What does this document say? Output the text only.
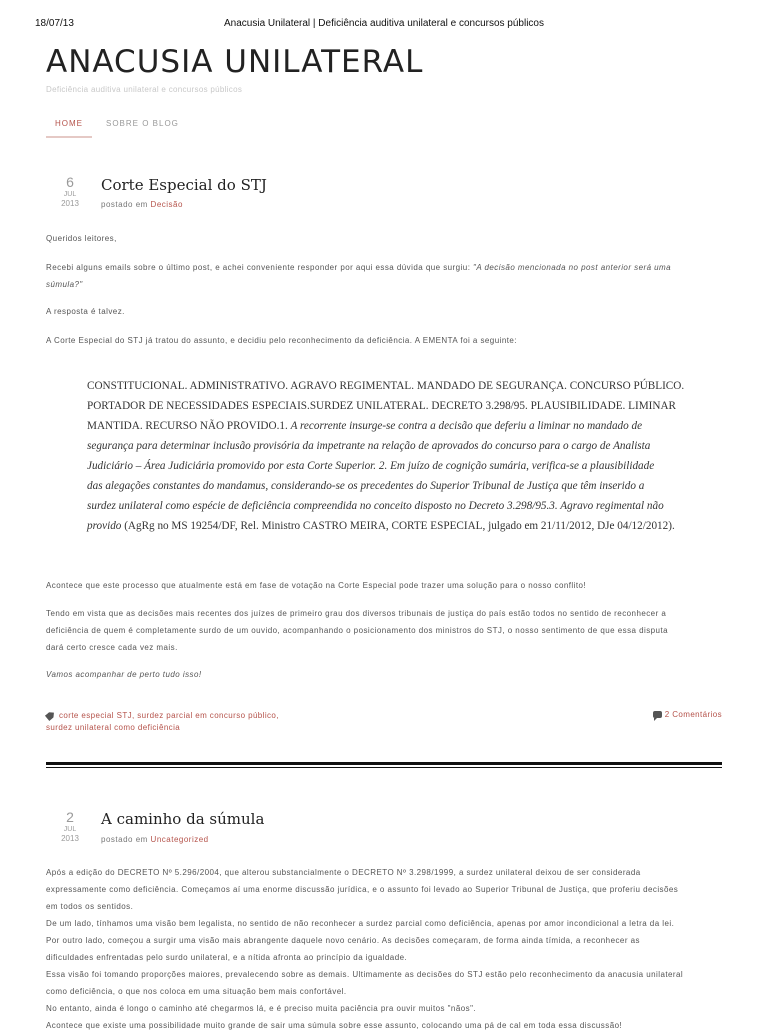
18/07/13	Anacusia Unilateral | Deficiência auditiva unilateral e concursos públicos
ANACUSIA UNILATERAL
Deficiência auditiva unilateral e concursos públicos
HOME	SOBRE O BLOG
6
JUL
2013
Corte Especial do STJ
postado em Decisão

Queridos leitores,

Recebi alguns emails sobre o último post, e achei conveniente responder por aqui essa dúvida que surgiu: "A decisão mencionada no post anterior será uma
súmula?"

A resposta é talvez.

A Corte Especial do STJ já tratou do assunto, e decidiu pelo reconhecimento da deficiência. A EMENTA foi a seguinte:

CONSTITUCIONAL. ADMINISTRATIVO. AGRAVO REGIMENTAL. MANDADO DE SEGURANÇA. CONCURSO PÚBLICO.
PORTADOR DE NECESSIDADES ESPECIAIS.SURDEZ UNILATERAL. DECRETO 3.298/95. PLAUSIBILIDADE. LIMINAR
MANTIDA. RECURSO NÃO PROVIDO.1. A recorrente insurge-se contra a decisão que deferiu a liminar no mandado de
segurança para determinar inclusão provisória da impetrante na relação de aprovados do concurso para o cargo de Analista
Judiciário – Área Judiciária promovido por esta Corte Superior. 2. Em juízo de cognição sumária, verifica-se a plausibilidade
das alegações constantes do mandamus, considerando-se os precedentes do Superior Tribunal de Justiça que têm inserido a
surdez unilateral como espécie de deficiência compreendida no conceito disposto no Decreto 3.298/95.3. Agravo regimental não
provido (AgRg no MS 19254/DF, Rel. Ministro CASTRO MEIRA, CORTE ESPECIAL, julgado em 21/11/2012, DJe 04/12/2012).

Acontece que este processo que atualmente está em fase de votação na Corte Especial pode trazer uma solução para o nosso conflito!

Tendo em vista que as decisões mais recentes dos juízes de primeiro grau dos diversos tribunais de justiça do país estão todos no sentido de reconhecer a
deficiência de quem é completamente surdo de um ouvido, acompanhando o posicionamento dos ministros do STJ, o nosso sentimento de que essa disputa
dará certo cresce cada vez mais.

Vamos acompanhar de perto tudo isso!

corte especial STJ, surdez parcial em concurso público,
surdez unilateral como deficiência
2 Comentários
2
JUL
2013
A caminho da súmula
postado em Uncategorized
Após a edição do DECRETO Nº 5.296/2004, que alterou substancialmente o DECRETO Nº 3.298/1999, a surdez unilateral deixou de ser considerada
expressamente como deficiência. Começamos aí uma enorme discussão jurídica, e o assunto foi levado ao Superior Tribunal de Justiça, que proferiu decisões
em todos os sentidos.
De um lado, tínhamos uma visão bem legalista, no sentido de não reconhecer a surdez parcial como deficiência, apenas por amor incondicional a letra da lei.
Por outro lado, começou a surgir uma visão mais abrangente daquele novo cenário. As decisões começaram, de forma ainda tímida, a reconhecer as
dificuldades enfrentadas pelo surdo unilateral, e a nítida afronta ao princípio da igualdade.
Essa visão foi tomando proporções maiores, prevalecendo sobre as demais. Ultimamente as decisões do STJ estão pelo reconhecimento da anacusia unilateral
como deficiência, o que nos coloca em uma situação bem mais confortável.
No entanto, ainda é longo o caminho até chegarmos lá, e é preciso muita paciência pra ouvir muitos "nãos".
Acontece que existe uma possibilidade muito grande de sair uma súmula sobre esse assunto, colocando uma pá de cal em toda essa discussão!
